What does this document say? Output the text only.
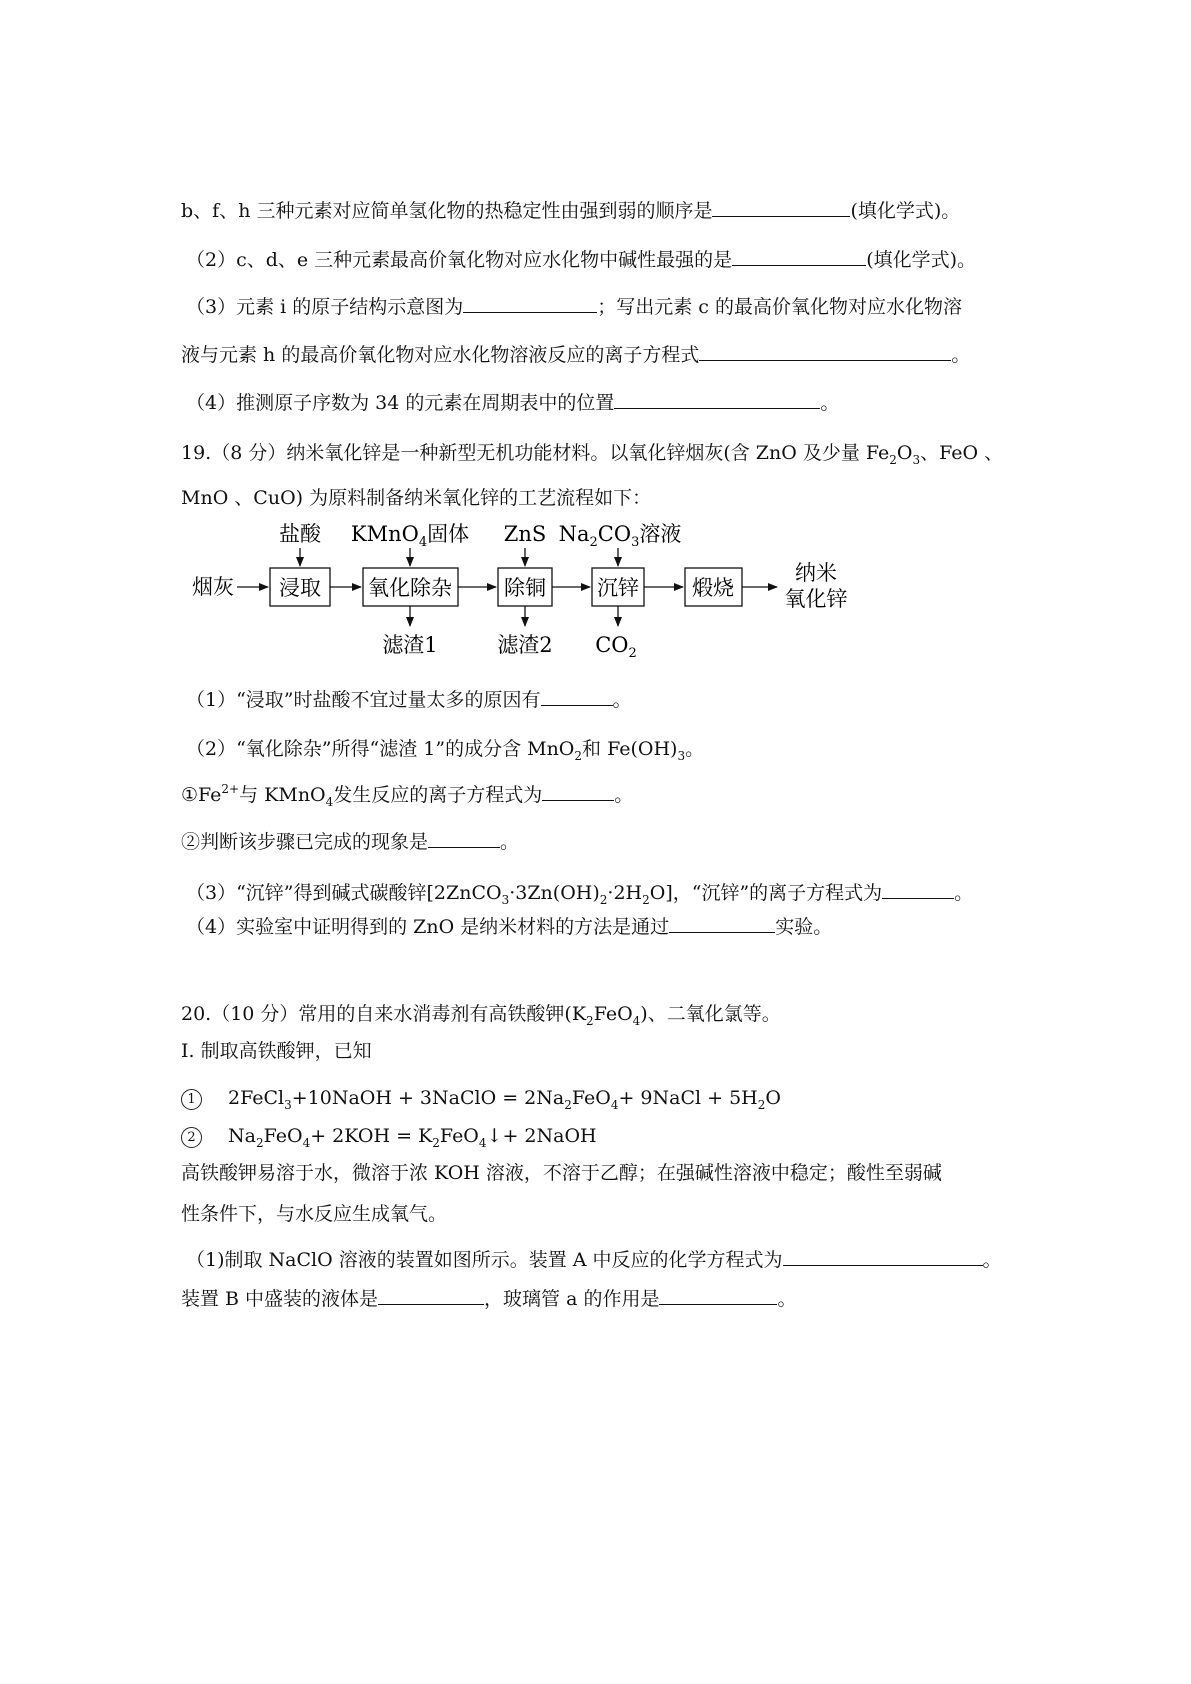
b、f、h 三种元素对应简单氢化物的热稳定性由强到弱的顺序是	(填化学式)。
（2）c、d、e 三种元素最高价氧化物对应水化物中碱性最强的是	(填化学式)。
（3）元素 i 的原子结构示意图为	；写出元素 c 的最高价氧化物对应水化物溶
液与元素 h 的最高价氧化物对应水化物溶液反应的离子方程式	。
（4）推测原子序数为 34 的元素在周期表中的位置	。
19.（8 分）纳米氧化锌是一种新型无机功能材料。以氧化锌烟灰(含 ZnO 及少量 $Fe_2O_3$、FeO 、
MnO 、CuO) 为原料制备纳米氧化锌的工艺流程如下：
烟灰 浸取 氧化除杂 除铜 沉锌	煅烧
纳米
氧化锌
盐酸 KMnO$_4$固体 ZnS $Na_2CO_3$溶液
滤渣1	滤渣2 $CO_2$
（1）“浸取”时盐酸不宜过量太多的原因有	。
（2）“氧化除杂”所得“滤渣 1”的成分含 MnO$_2$和 $Fe(OH)_3$。
$①Fe^{2+}$与 KMnO$_4$发生反应的离子方程式为	。
②判断该步骤已完成的现象是	。
（3）“沉锌”得到碱式碳酸锌$[2ZnCO_3\cdot 3Zn(OH)_2\cdot 2H_2O]$，“沉锌”的离子方程式为	。
（4）实验室中证明得到的 ZnO 是纳米材料的方法是通过	实验。
20.（10 分）常用的自来水消毒剂有高铁酸钾$(K_2FeO_4)$、二氧化氯等。
Ⅰ. 制取高铁酸钾，已知
1 2FeCl$_3$+10NaOH + 3NaClO = $2Na_2FeO_4+$ 9NaCl + $5H_2O$
2 $Na_2FeO_4+ 2KOH$ = $K_2FeO_4↓+$ 2NaOH
高铁酸钾易溶于水，微溶于浓 KOH 溶液，不溶于乙醇；在强碱性溶液中稳定；酸性至弱碱
性条件下，与水反应生成氧气。
（1)制取 NaClO 溶液的装置如图所示。装置 A 中反应的化学方程式为	。
装置 B 中盛装的液体是	，玻璃管 a 的作用是	。
